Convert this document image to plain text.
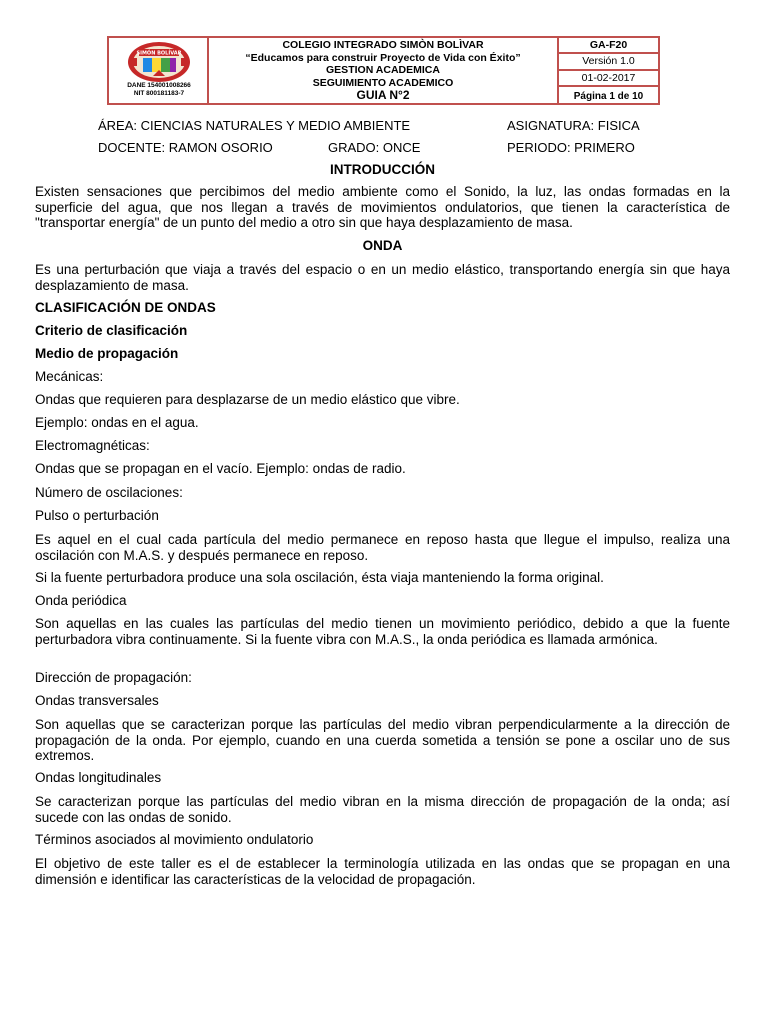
SIMÓN BOLÍVAR
DANE 154001008266
NIT 800181183-7
COLEGIO INTEGRADO SIMÒN BOLÌVAR
“Educamos para construir Proyecto de Vida con Éxito”
GESTION ACADEMICA
SEGUIMIENTO ACADEMICO
GUIA N°2
GA-F20
Versión 1.0
01-02-2017
Página 1 de 10
ÁREA: CIENCIAS NATURALES Y MEDIO AMBIENTE	ASIGNATURA: FISICA
DOCENTE: RAMON OSORIO	GRADO: ONCE	PERIODO: PRIMERO
INTRODUCCIÓN
Existen sensaciones que percibimos del medio ambiente como el Sonido, la luz, las ondas formadas en la superficie del agua, que nos llegan a través de movimientos ondulatorios, que tienen la característica de "transportar energía" de un punto del medio a otro sin que haya desplazamiento de masa.
ONDA
Es una perturbación que viaja a través del espacio o en un medio elástico, transportando energía sin que haya desplazamiento de masa.
CLASIFICACIÓN DE ONDAS
Criterio de clasificación
Medio de propagación
Mecánicas:
Ondas que requieren para desplazarse de un medio elástico que vibre.
Ejemplo: ondas en el agua.
Electromagnéticas:
Ondas que se propagan en el vacío. Ejemplo: ondas de radio.
Número de oscilaciones:
Pulso o perturbación
Es aquel en el cual cada partícula del medio permanece en reposo hasta que llegue el impulso, realiza una oscilación con M.A.S. y después permanece en reposo.
Si la fuente perturbadora produce una sola oscilación, ésta viaja manteniendo la forma original.
Onda periódica
Son aquellas en las cuales las partículas del medio tienen un movimiento periódico, debido a que la fuente perturbadora vibra continuamente. Si la fuente vibra con M.A.S., la onda periódica es llamada armónica.
Dirección de propagación:
Ondas transversales
Son aquellas que se caracterizan porque las partículas del medio vibran perpendicularmente a la dirección de propagación de la onda. Por ejemplo, cuando en una cuerda sometida a tensión se pone a oscilar uno de sus extremos.
Ondas longitudinales
Se caracterizan porque las partículas del medio vibran en la misma dirección de propagación de la onda; así sucede con las ondas de sonido.
Términos asociados al movimiento ondulatorio
El objetivo de este taller es el de establecer la terminología utilizada en las ondas que se propagan en una dimensión e identificar las características de la velocidad de propagación.
